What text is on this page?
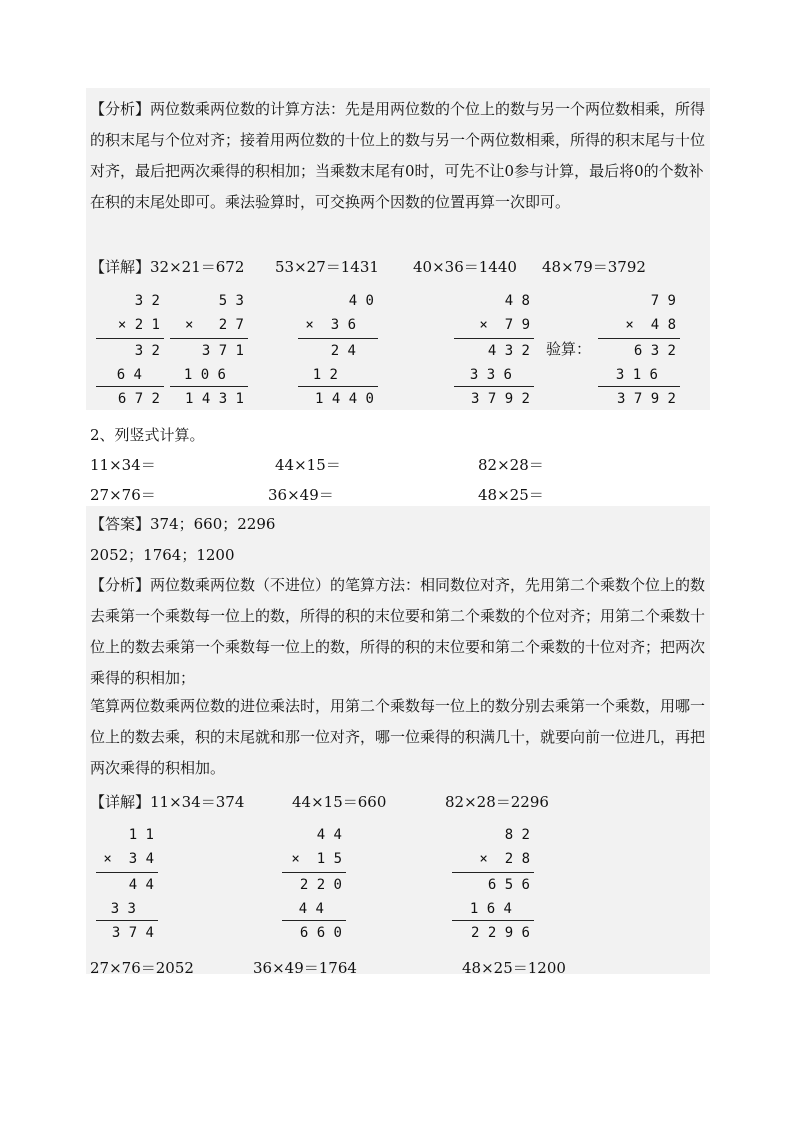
【分析】两位数乘两位数的计算方法：先是用两位数的个位上的数与另一个两位数相乘，所得的积末尾与个位对齐；接着用两位数的十位上的数与另一个两位数相乘，所得的积末尾与十位对齐，最后把两次乘得的积相加；当乘数末尾有0时，可先不让0参与计算，最后将0的个数补在积的末尾处即可。乘法验算时，可交换两个因数的位置再算一次即可。
【详解】 32×21＝672 53×27＝1431 40×36＝1440 48×79＝3792
3 2
× 2 1
3 2
6 4
6 7 2
5 3
×   2 7
3 7 1
1 0 6
1 4 3 1
4 0
×  3 6
2 4
1 2
1 4 4 0
4 8
×  7 9
4 3 2
3 3 6
3 7 9 2
验算：
7 9
×  4 8
6 3 2
3 1 6
3 7 9 2
2、列竖式计算。
11×34＝	44×15＝	82×28＝
27×76＝	36×49＝	48×25＝
【答案】374；660；2296
2052；1764；1200
【分析】两位数乘两位数（不进位）的笔算方法：相同数位对齐，先用第二个乘数个位上的数去乘第一个乘数每一位上的数，所得的积的末位要和第二个乘数的个位对齐；用第二个乘数十位上的数去乘第一个乘数每一位上的数，所得的积的末位要和第二个乘数的十位对齐；把两次乘得的积相加；
笔算两位数乘两位数的进位乘法时，用第二个乘数每一位上的数分别去乘第一个乘数，用哪一位上的数去乘，积的末尾就和那一位对齐，哪一位乘得的积满几十，就要向前一位进几，再把两次乘得的积相加。
【详解】 11×34＝374	44×15＝660	82×28＝2296
1 1
×  3 4
4 4
3 3
3 7 4
4 4
×  1 5
2 2 0
4 4
6 6 0
8 2
×  2 8
6 5 6
1 6 4
2 2 9 6
27×76＝2052	36×49＝1764	48×25＝1200
